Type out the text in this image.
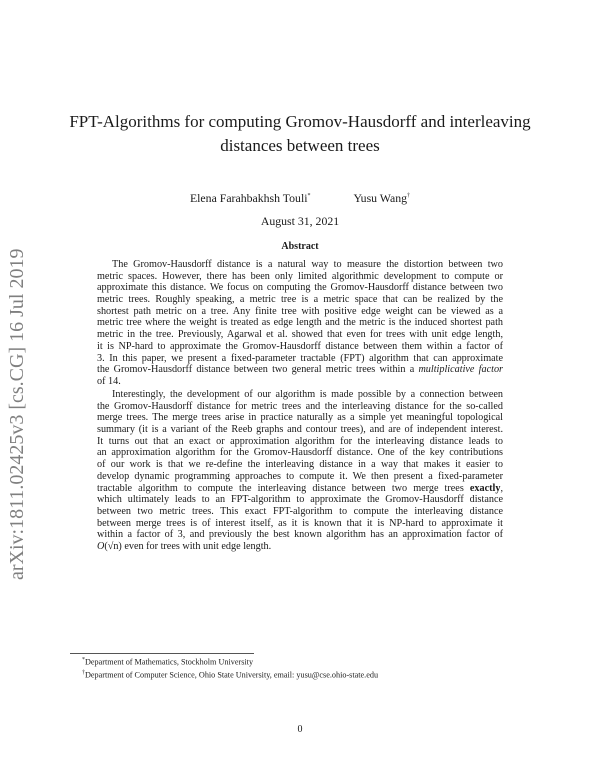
arXiv:1811.02425v3 [cs.CG] 16 Jul 2019
FPT-Algorithms for computing Gromov-Hausdorff and interleaving
distances between trees
Elena Farahbakhsh Touli*	Yusu Wang†
August 31, 2021
Abstract
The Gromov-Hausdorff distance is a natural way to measure the distortion between two
metric spaces. However, there has been only limited algorithmic development to compute or
approximate this distance. We focus on computing the Gromov-Hausdorff distance between two
metric trees. Roughly speaking, a metric tree is a metric space that can be realized by the
shortest path metric on a tree. Any finite tree with positive edge weight can be viewed as a
metric tree where the weight is treated as edge length and the metric is the induced shortest path
metric in the tree. Previously, Agarwal et al. showed that even for trees with unit edge length,
it is NP-hard to approximate the Gromov-Hausdorff distance between them within a factor of
3. In this paper, we present a fixed-parameter tractable (FPT) algorithm that can approximate
the Gromov-Hausdorff distance between two general metric trees within a multiplicative factor
of 14.
Interestingly, the development of our algorithm is made possible by a connection between
the Gromov-Hausdorff distance for metric trees and the interleaving distance for the so-called
merge trees. The merge trees arise in practice naturally as a simple yet meaningful topological
summary (it is a variant of the Reeb graphs and contour trees), and are of independent interest.
It turns out that an exact or approximation algorithm for the interleaving distance leads to
an approximation algorithm for the Gromov-Hausdorff distance. One of the key contributions
of our work is that we re-define the interleaving distance in a way that makes it easier to
develop dynamic programming approaches to compute it. We then present a fixed-parameter
tractable algorithm to compute the interleaving distance between two merge trees exactly,
which ultimately leads to an FPT-algorithm to approximate the Gromov-Hausdorff distance
between two metric trees. This exact FPT-algorithm to compute the interleaving distance
between merge trees is of interest itself, as it is known that it is NP-hard to approximate it
within a factor of 3, and previously the best known algorithm has an approximation factor of
O(√n) even for trees with unit edge length.
*Department of Mathematics, Stockholm University
†Department of Computer Science, Ohio State University, email: yusu@cse.ohio-state.edu
0
